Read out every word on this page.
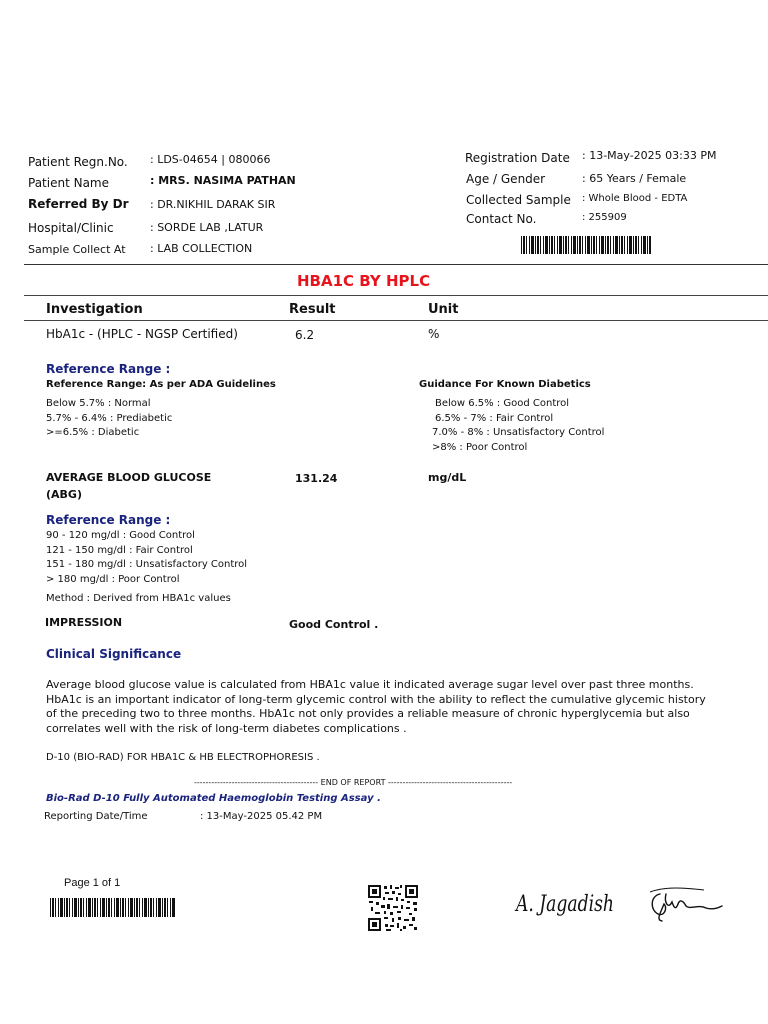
Patient Regn.No. : LDS-04654 | 080066
Patient Name	: MRS. NASIMA PATHAN
Referred By Dr : DR.NIKHIL DARAK SIR
Hospital/Clinic	: SORDE LAB ,LATUR
Sample Collect At : LAB COLLECTION
Registration Date : 13-May-2025 03:33 PM
Age / Gender	: 65 Years / Female
Collected Sample : Whole Blood - EDTA
Contact No.	: 255909
HBA1C BY HPLC
Investigation	Result	Unit
HbA1c - (HPLC - NGSP Certified)	6.2	%
Reference Range :
Reference Range: As per ADA Guidelines
Below 5.7% : Normal
5.7% - 6.4% : Prediabetic
>=6.5% : Diabetic
Guidance For Known Diabetics
Below 6.5% : Good Control
6.5% - 7% : Fair Control
7.0% - 8% : Unsatisfactory Control
>8% : Poor Control
AVERAGE BLOOD GLUCOSE
(ABG)
131.24	mg/dL
Reference Range :
90 - 120 mg/dl : Good Control
121 - 150 mg/dl : Fair Control
151 - 180 mg/dl : Unsatisfactory Control
> 180 mg/dl : Poor Control
Method : Derived from HBA1c values
IMPRESSION	Good Control .
Clinical Significance
Average blood glucose value is calculated from HBA1c value it indicated average sugar level over past three months. HbA1c is an important indicator of long-term glycemic control with the ability to reflect the cumulative glycemic history of the preceding two to three months. HbA1c not only provides a reliable measure of chronic hyperglycemia but also correlates well with the risk of long-term diabetes complications .
D-10 (BIO-RAD) FOR HBA1C & HB ELECTROPHORESIS .
------------------------------------------- END OF REPORT -------------------------------------------
Bio-Rad D-10 Fully Automated Haemoglobin Testing Assay .
Reporting Date/Time	: 13-May-2025 05.42 PM
Page 1 of 1
A. Jagadish
